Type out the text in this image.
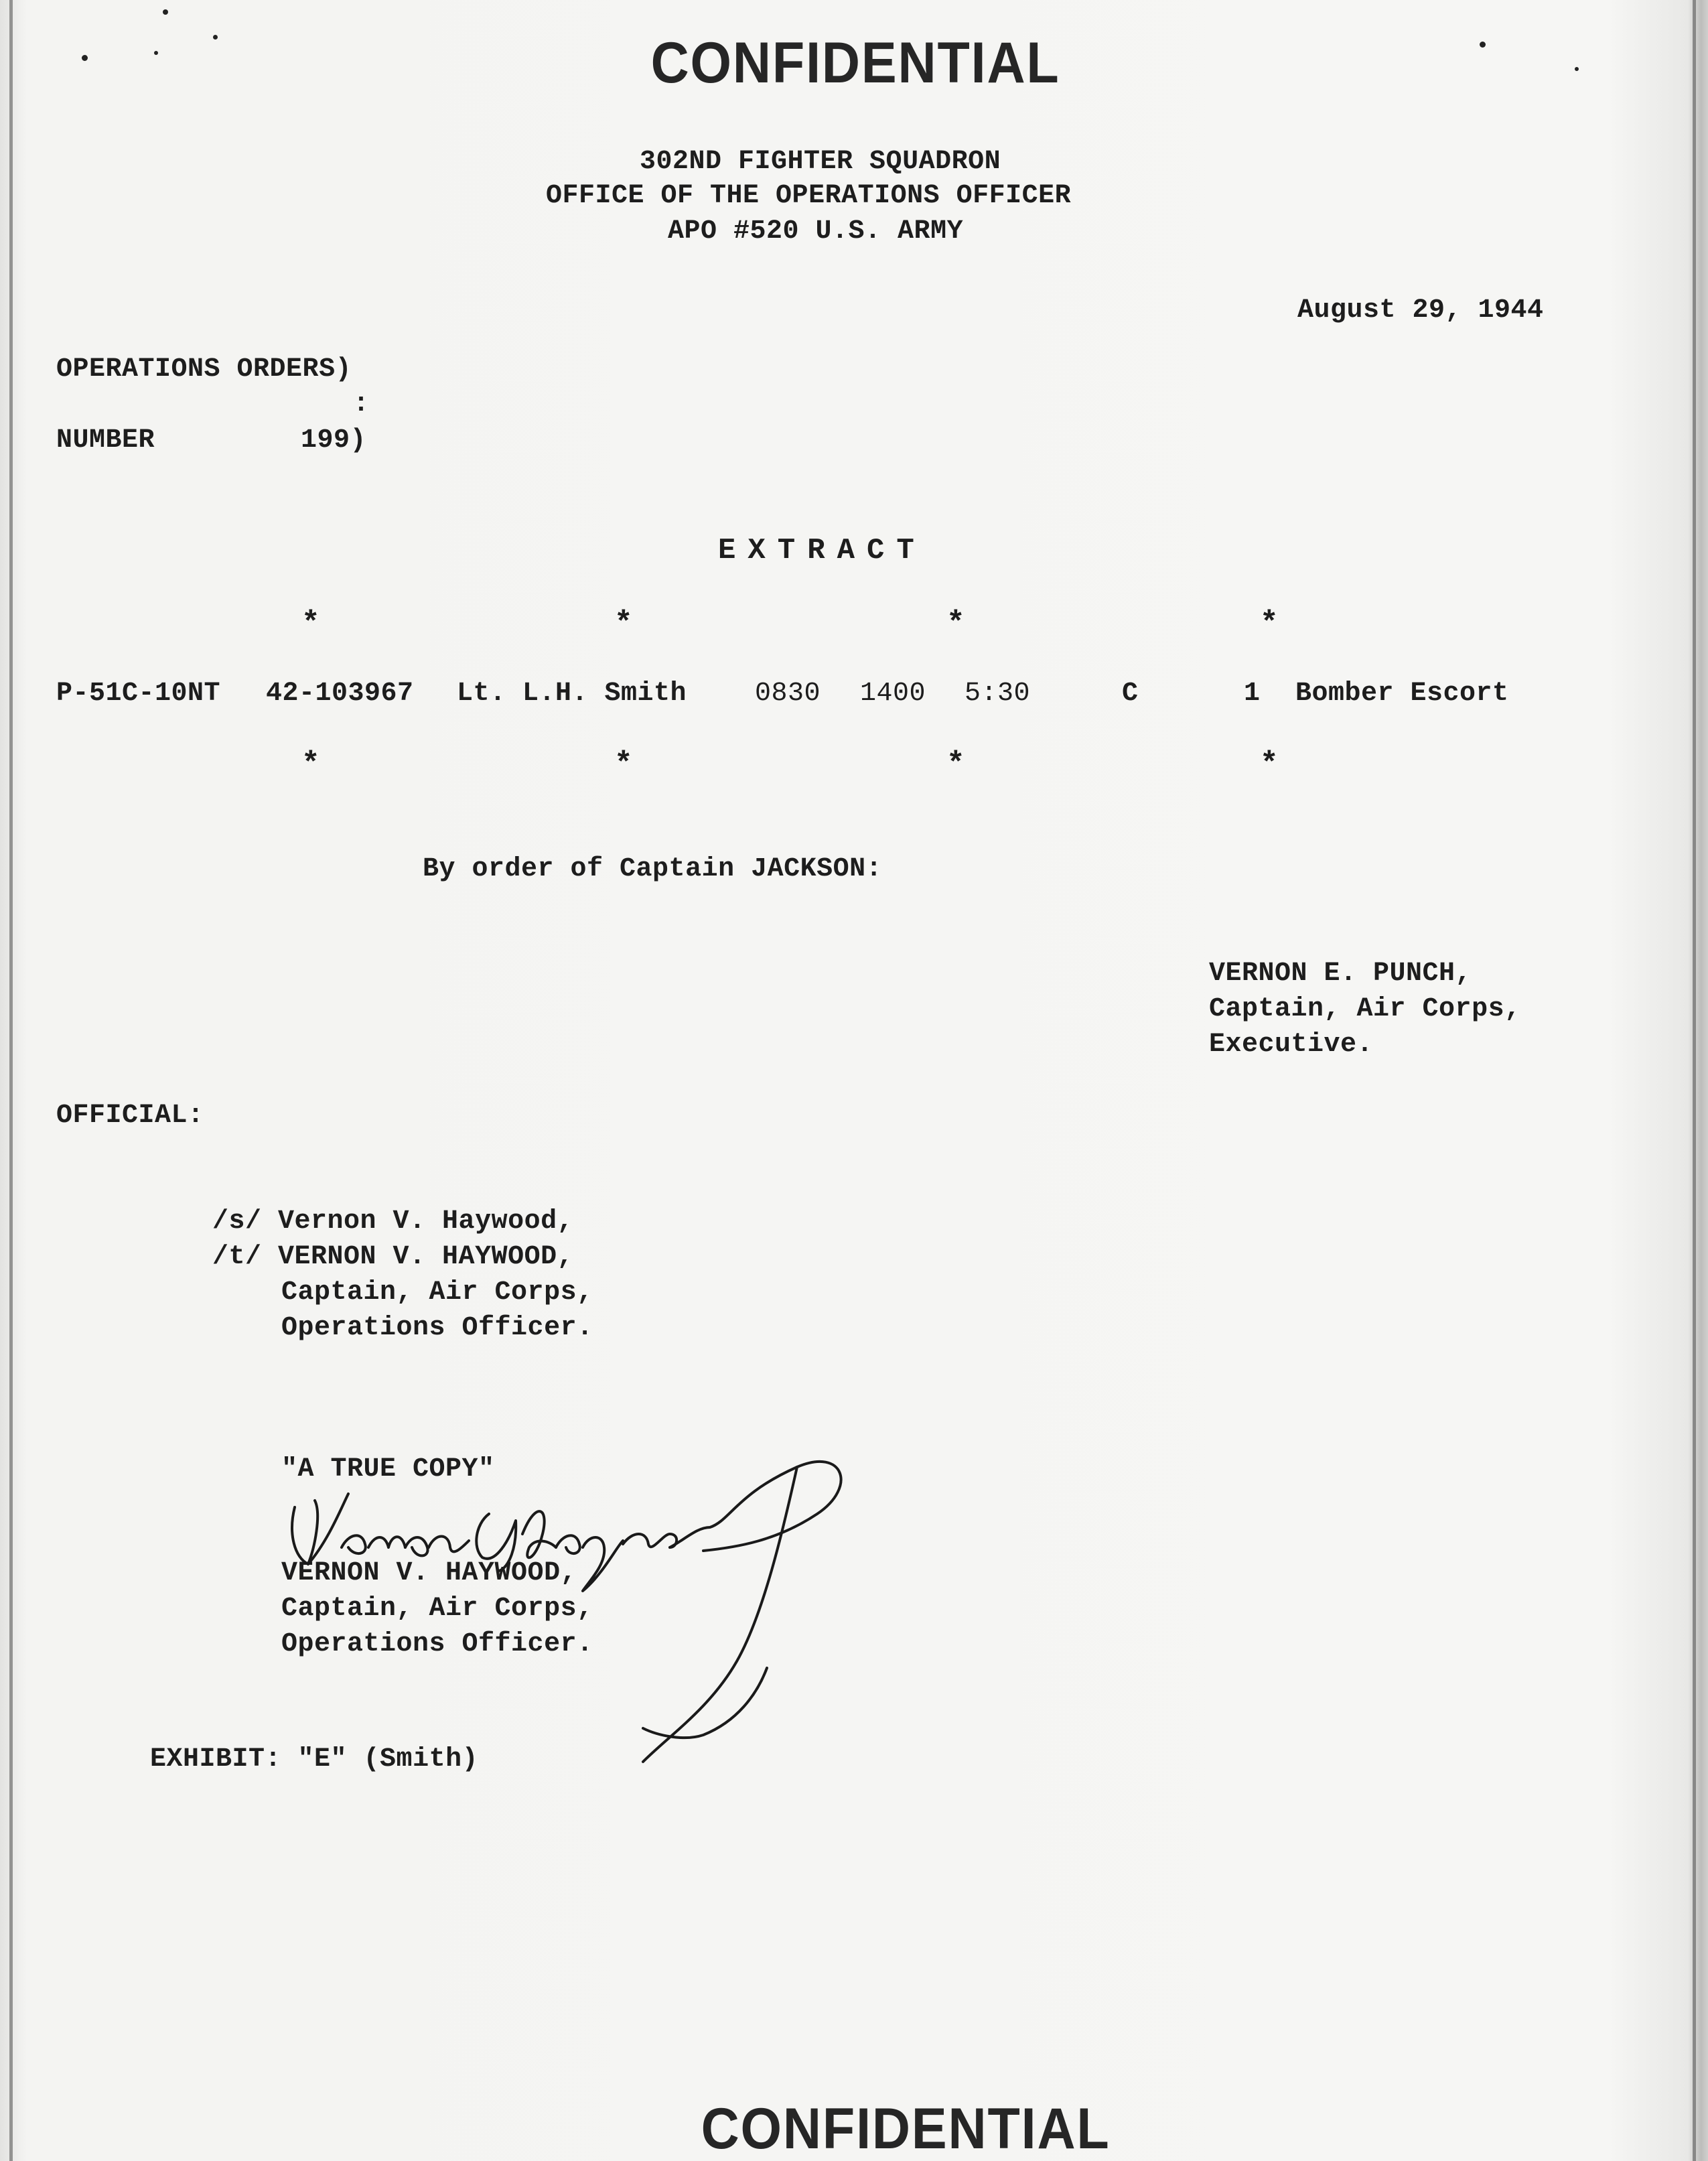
CONFIDENTIAL
302ND FIGHTER SQUADRON
OFFICE OF THE OPERATIONS OFFICER
APO #520 U.S. ARMY
August 29, 1944
OPERATIONS ORDERS)
:
NUMBER	199)
EXTRACT
*	*	*	*
P-51C-10NT 42-103967 Lt. L.H. Smith	0830 1400 5:30	C	1 Bomber Escort
*	*	*	*
By order of Captain JACKSON:
VERNON E. PUNCH,
Captain, Air Corps,
Executive.
OFFICIAL:
/s/ Vernon V. Haywood,
/t/ VERNON V. HAYWOOD,
Captain, Air Corps,
Operations Officer.
"A TRUE COPY"
VERNON V. HAYWOOD,
Captain, Air Corps,
Operations Officer.
EXHIBIT: "E" (Smith)
CONFIDENTIAL
